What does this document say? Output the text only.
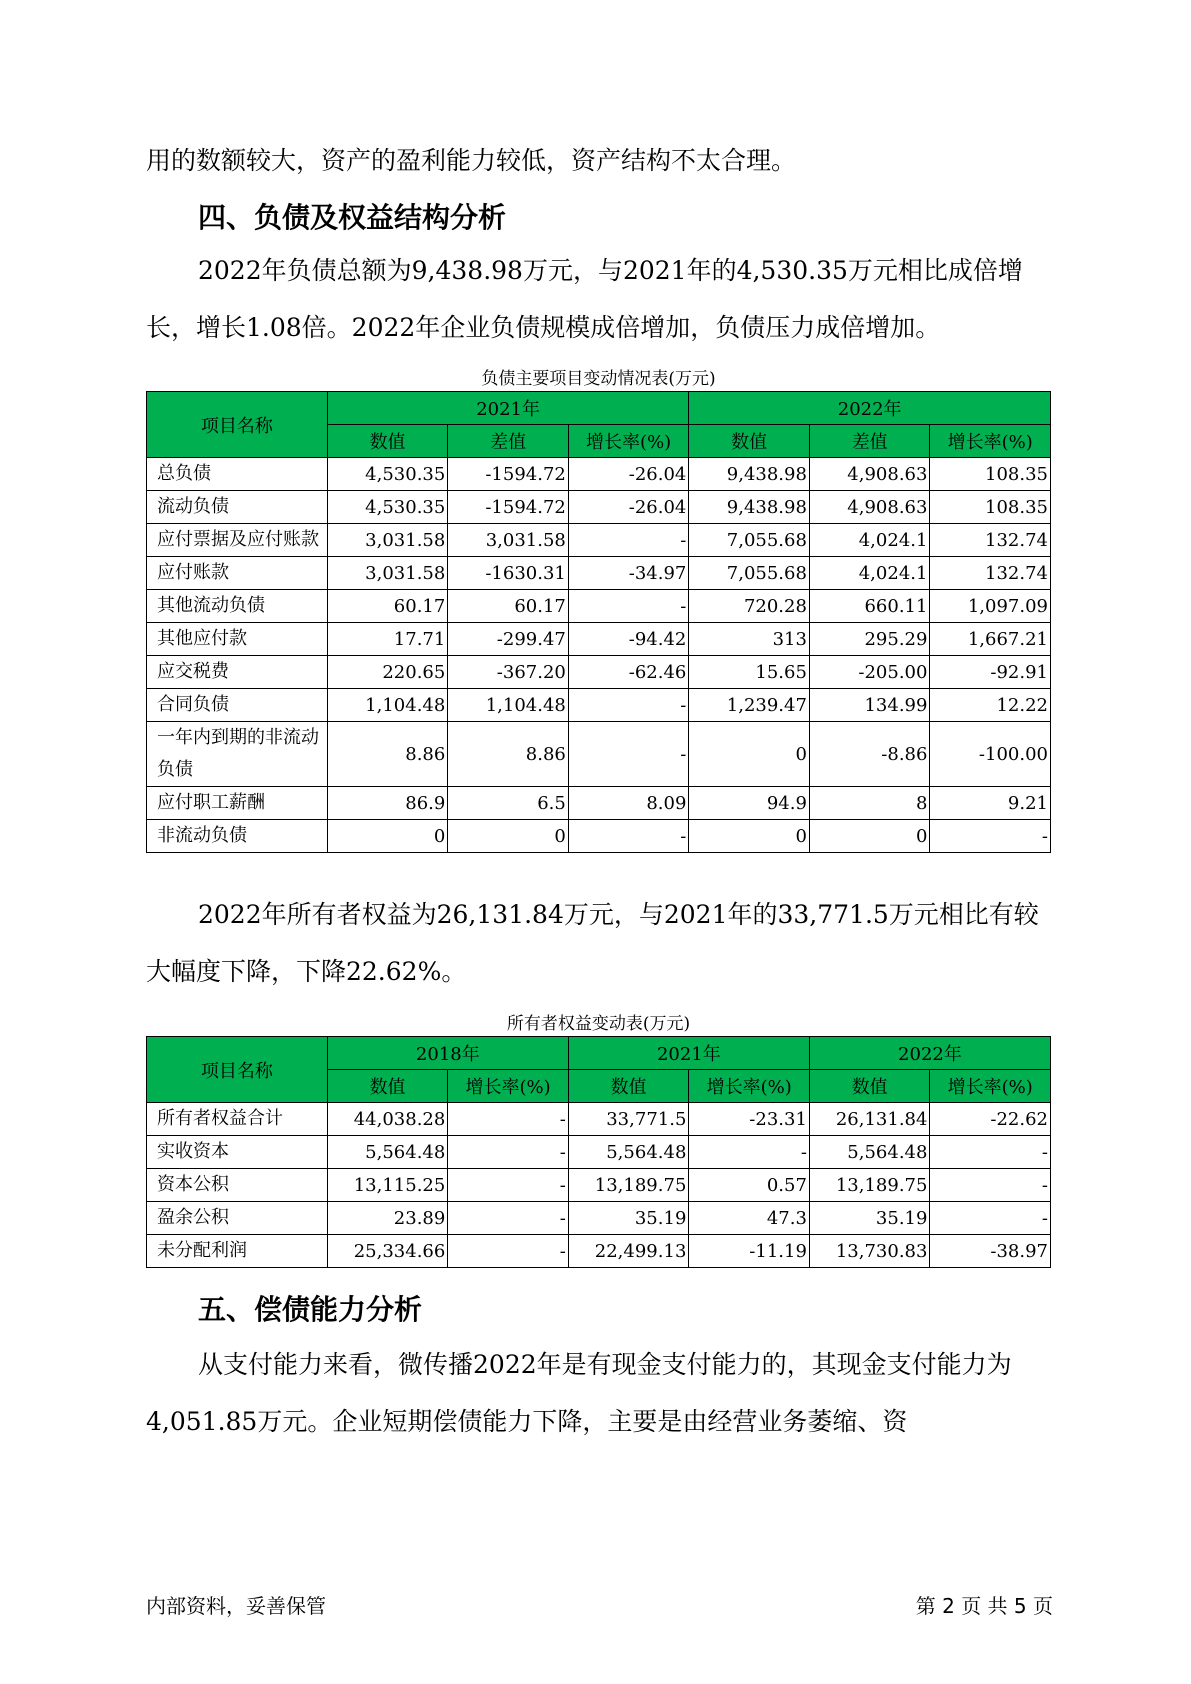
用的数额较大，资产的盈利能力较低，资产结构不太合理。

四、负债及权益结构分析

2022年负债总额为9,438.98万元，与2021年的4,530.35万元相比成倍增长，增长1.08倍。2022年企业负债规模成倍增加，负债压力成倍增加。

负债主要项目变动情况表(万元)

项目名称	2021年			2022年		
	数值	差值	增长率(%)	数值	差值	增长率(%)
总负债	4,530.35	-1594.72	-26.04	9,438.98	4,908.63	108.35
流动负债	4,530.35	-1594.72	-26.04	9,438.98	4,908.63	108.35
应付票据及应付账款	3,031.58	3,031.58	-	7,055.68	4,024.1	132.74
应付账款	3,031.58	-1630.31	-34.97	7,055.68	4,024.1	132.74
其他流动负债	60.17	60.17	-	720.28	660.11	1,097.09
其他应付款	17.71	-299.47	-94.42	313	295.29	1,667.21
应交税费	220.65	-367.20	-62.46	15.65	-205.00	-92.91
合同负债	1,104.48	1,104.48	-	1,239.47	134.99	12.22
一年内到期的非流动负债	8.86	8.86	-	0	-8.86	-100.00
应付职工薪酬	86.9	6.5	8.09	94.9	8	9.21
非流动负债	0	0	-	0	0	-

2022年所有者权益为26,131.84万元，与2021年的33,771.5万元相比有较大幅度下降，下降22.62%。

所有者权益变动表(万元)

项目名称	2018年		2021年		2022年	
	数值	增长率(%)	数值	增长率(%)	数值	增长率(%)
所有者权益合计	44,038.28	-	33,771.5	-23.31	26,131.84	-22.62
实收资本	5,564.48	-	5,564.48	-	5,564.48	-
资本公积	13,115.25	-	13,189.75	0.57	13,189.75	-
盈余公积	23.89	-	35.19	47.3	35.19	-
未分配利润	25,334.66	-	22,499.13	-11.19	13,730.83	-38.97
五、偿债能力分析

从支付能力来看，微传播2022年是有现金支付能力的，其现金支付能力为4,051.85万元。企业短期偿债能力下降，主要是由经营业务萎缩、资

内部资料，妥善保管	第 2 页 共 5 页
